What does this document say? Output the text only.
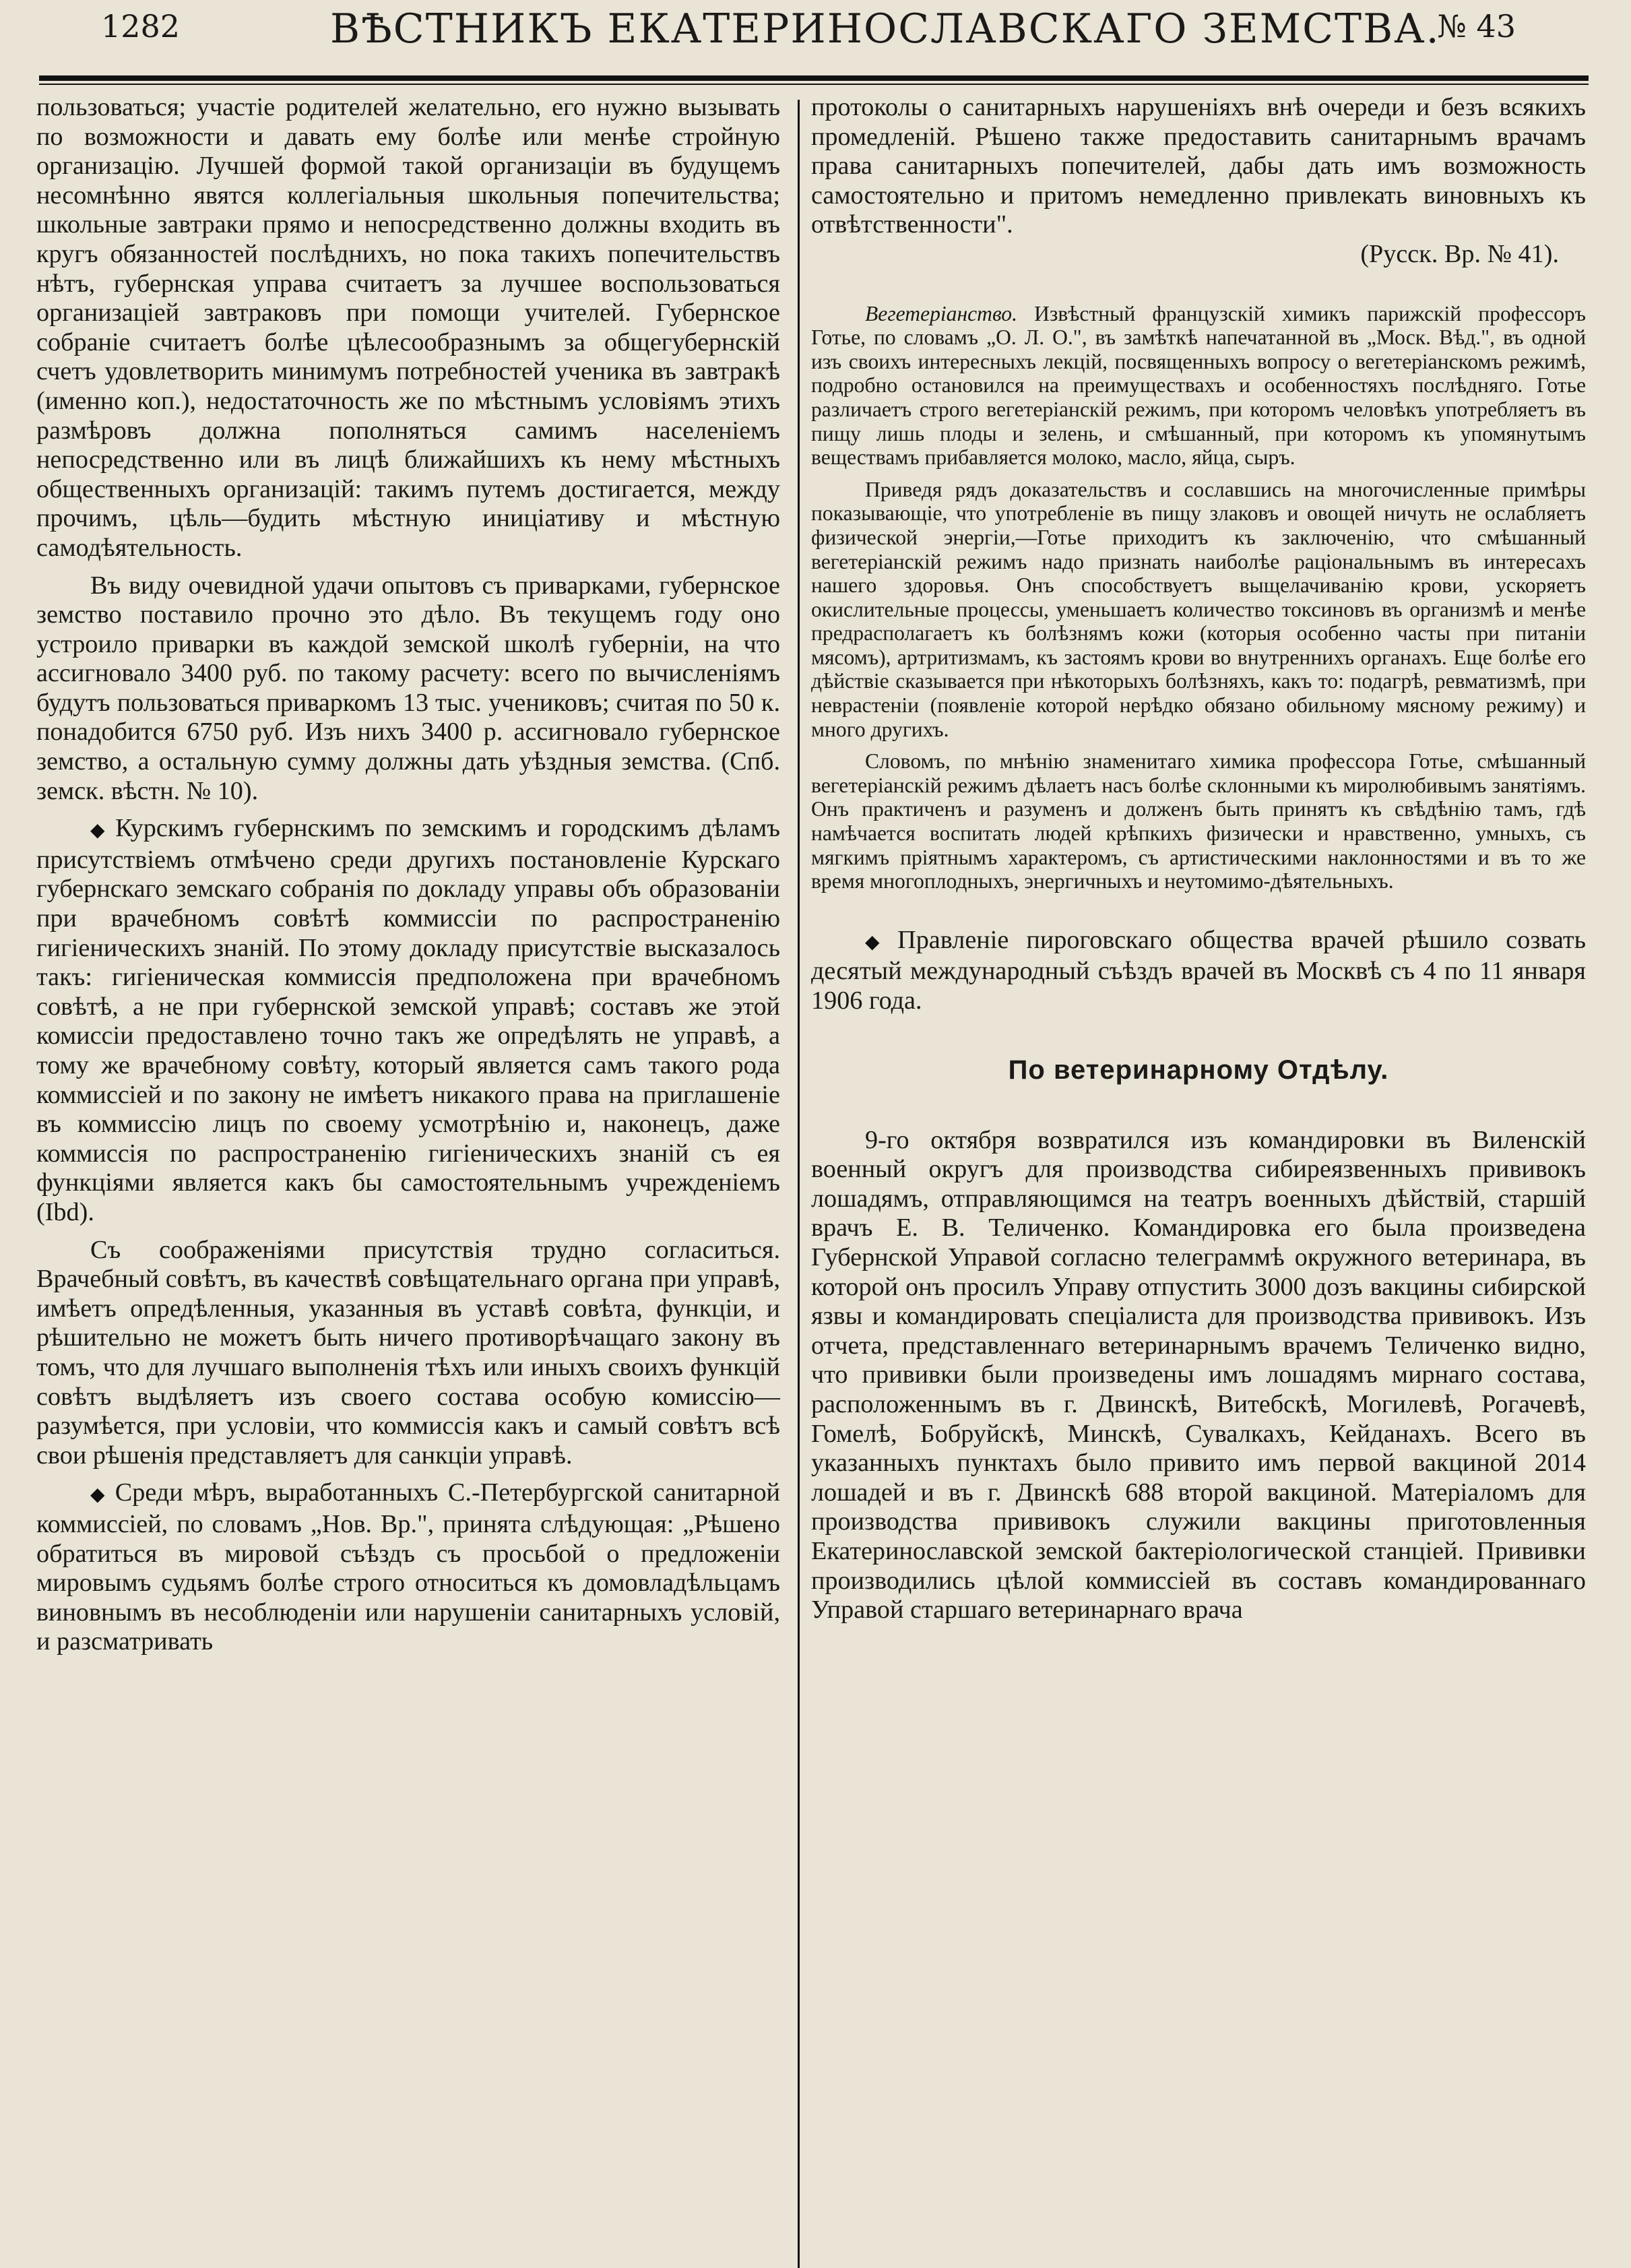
1282	ВѢСТНИКЪ ЕКАТЕРИНОСЛАВСКАГО ЗЕМСТВА.
№ 43

пользоваться; участіе родителей желательно, его нужно вызывать по возможности и давать ему болѣе или менѣе стройную организацію. Лучшей формой такой организаціи въ будущемъ несомнѣнно явятся коллегіальныя школьныя попечительства; школьные завтраки прямо и непосредственно должны входить въ кругъ обязанностей послѣднихъ, но пока такихъ попечительствъ нѣтъ, губернская управа считаетъ за лучшее воспользоваться организаціей завтраковъ при помощи учителей. Губернское собраніе считаетъ болѣе цѣлесообразнымъ за общегубернскій счетъ удовлетворить минимумъ потребностей ученика въ завтракѣ (именно коп.), недостаточность же по мѣстнымъ условіямъ этихъ размѣровъ должна пополняться самимъ населеніемъ непосредственно или въ лицѣ ближайшихъ къ нему мѣстныхъ общественныхъ организацій: такимъ путемъ достигается, между прочимъ, цѣль—будить мѣстную иниціативу и мѣстную самодѣятельность.

Въ виду очевидной удачи опытовъ съ приварками, губернское земство поставило прочно это дѣло. Въ текущемъ году оно устроило приварки въ каждой земской школѣ губерніи, на что ассигновало 3400 руб. по такому расчету: всего по вычисленіямъ будутъ пользоваться приваркомъ 13 тыс. учениковъ; считая по 50 к. понадобится 6750 руб. Изъ нихъ 3400 р. ассигновало губернское земство, а остальную сумму должны дать уѣздныя земства. (Спб. земск. вѣстн. № 10).

◆ Курскимъ губернскимъ по земскимъ и городскимъ дѣламъ присутствіемъ отмѣчено среди другихъ постановленіе Курскаго губернскаго земскаго собранія по докладу управы объ образованіи при врачебномъ совѣтѣ коммиссіи по распространенію гигіеническихъ знаній. По этому докладу присутствіе высказалось такъ: гигіеническая коммиссія предположена при врачебномъ совѣтѣ, а не при губернской земской управѣ; составъ же этой комиссіи предоставлено точно такъ же опредѣлять не управѣ, а тому же врачебному совѣту, который является самъ такого рода коммиссіей и по закону не имѣетъ никакого права на приглашеніе въ коммиссію лицъ по своему усмотрѣнію и, наконецъ, даже коммиссія по распространенію гигіеническихъ знаній съ ея функціями является какъ бы самостоятельнымъ учрежденіемъ (Ibd).

Съ соображеніями присутствія трудно согласиться. Врачебный совѣтъ, въ качествѣ совѣщательнаго органа при управѣ, имѣетъ опредѣленныя, указанныя въ уставѣ совѣта, функціи, и рѣшительно не можетъ быть ничего противорѣчащаго закону въ томъ, что для лучшаго выполненія тѣхъ или иныхъ своихъ функцій совѣтъ выдѣляетъ изъ своего состава особую комиссію—разумѣется, при условіи, что коммиссія какъ и самый совѣтъ всѣ свои рѣшенія представляетъ для санкціи управѣ.

◆ Среди мѣръ, выработанныхъ С.-Петербургской санитарной коммиссіей, по словамъ „Нов. Вр.", принята слѣдующая: „Рѣшено обратиться въ мировой съѣздъ съ просьбой о предложеніи мировымъ судьямъ болѣе строго относиться къ домовладѣльцамъ виновнымъ въ несоблюденіи или нарушеніи санитарныхъ условій, и разсматривать

протоколы о санитарныхъ нарушеніяхъ внѣ очереди и безъ всякихъ промедленій. Рѣшено также предоставить санитарнымъ врачамъ права санитарныхъ попечителей, дабы дать имъ возможность самостоятельно и притомъ немедленно привлекать виновныхъ къ отвѣтственности".

(Русск. Вр. № 41).

Вегетеріанство. Извѣстный французскій химикъ парижскій профессоръ Готье, по словамъ „О. Л. О.", въ замѣткѣ напечатанной въ „Моск. Вѣд.", въ одной изъ своихъ интересныхъ лекцій, посвященныхъ вопросу о вегетеріанскомъ режимѣ, подробно остановился на преимуществахъ и особенностяхъ послѣдняго. Готье различаетъ строго вегетеріанскій режимъ, при которомъ человѣкъ употребляетъ въ пищу лишь плоды и зелень, и смѣшанный, при которомъ къ упомянутымъ веществамъ прибавляется молоко, масло, яйца, сыръ.

Приведя рядъ доказательствъ и сославшись на многочисленные примѣры показывающіе, что употребленіе въ пищу злаковъ и овощей ничуть не ослабляетъ физической энергіи,—Готье приходитъ къ заключенію, что смѣшанный вегетеріанскій режимъ надо признать наиболѣе раціональнымъ въ интересахъ нашего здоровья. Онъ способствуетъ выщелачиванію крови, ускоряетъ окислительные процессы, уменьшаетъ количество токсиновъ въ организмѣ и менѣе предрасполагаетъ къ болѣзнямъ кожи (которыя особенно часты при питаніи мясомъ), артритизмамъ, къ застоямъ крови во внутреннихъ органахъ. Еще болѣе его дѣйствіе сказывается при нѣкоторыхъ болѣзняхъ, какъ то: подагрѣ, ревматизмѣ, при неврастеніи (появленіе которой нерѣдко обязано обильному мясному режиму) и много другихъ.

Словомъ, по мнѣнію знаменитаго химика профессора Готье, смѣшанный вегетеріанскій режимъ дѣлаетъ насъ болѣе склонными къ миролюбивымъ занятіямъ. Онъ практиченъ и разуменъ и долженъ быть принятъ къ свѣдѣнію тамъ, гдѣ намѣчается воспитать людей крѣпкихъ физически и нравственно, умныхъ, съ мягкимъ пріятнымъ характеромъ, съ артистическими наклонностями и въ то же время многоплодныхъ, энергичныхъ и неутомимо-дѣятельныхъ.

◆ Правленіе пироговскаго общества врачей рѣшило созвать десятый международный съѣздъ врачей въ Москвѣ съ 4 по 11 января 1906 года.

По ветеринарному Отдѣлу.

9-го октября возвратился изъ командировки въ Виленскій военный округъ для производства сибиреязвенныхъ прививокъ лошадямъ, отправляющимся на театръ военныхъ дѣйствій, старшій врачъ Е. В. Теличенко. Командировка его была произведена Губернской Управой согласно телеграммѣ окружного ветеринара, въ которой онъ просилъ Управу отпустить 3000 дозъ вакцины сибирской язвы и командировать спеціалиста для производства прививокъ. Изъ отчета, представленнаго ветеринарнымъ врачемъ Теличенко видно, что прививки были произведены имъ лошадямъ мирнаго состава, расположеннымъ въ г. Двинскѣ, Витебскѣ, Могилевѣ, Рогачевѣ, Гомелѣ, Бобруйскѣ, Минскѣ, Сувалкахъ, Кейданахъ. Всего въ указанныхъ пунктахъ было привито имъ первой вакциной 2014 лошадей и въ г. Двинскѣ 688 второй вакциной. Матеріаломъ для производства прививокъ служили вакцины приготовленныя Екатеринославской земской бактеріологической станціей. Прививки производились цѣлой коммиссіей въ составъ командированнаго Управой старшаго ветеринарнаго врача
